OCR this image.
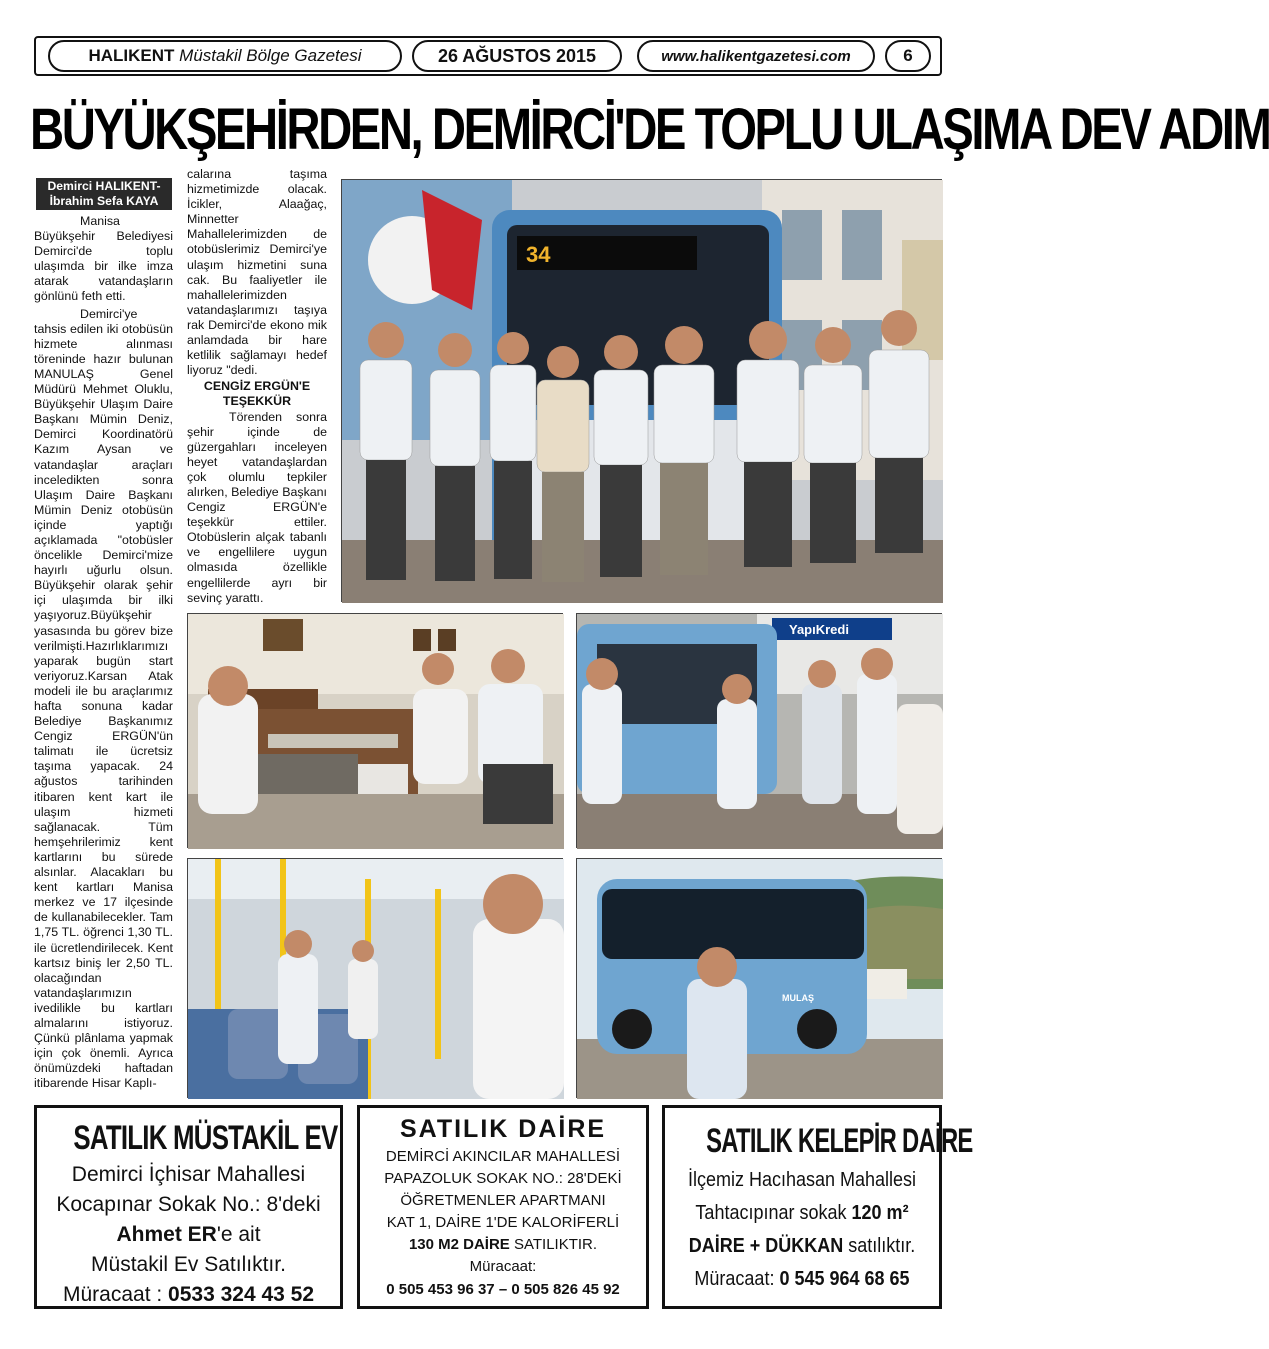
HALIKENT
Müstakil Bölge Gazetesi	26 AĞUSTOS 2015	www.halikentgazetesi.com	6
BÜYÜKŞEHİRDEN, DEMİRCİ'DE TOPLU ULAŞIMA DEV ADIM
Demirci HALIKENT-
İbrahim Sefa KAYA

Manisa Büyükşehir Belediyesi Demirci'de toplu ulaşımda bir ilke imza atarak vatandaşların gönlünü feth etti.

Demirci'ye tahsis edilen iki otobüsün hizmete alınması töreninde hazır bulunan MANULAŞ Genel Müdürü Mehmet Oluklu, Büyükşehir Ulaşım Daire Başkanı Mümin Deniz, Demirci Koordinatörü Kazım Aysan ve vatandaşlar araçları inceledikten sonra Ulaşım Daire Başkanı Mümin Deniz otobüsün içinde yaptığı açıklamada "otobüsler öncelikle Demirci'mize hayırlı uğurlu olsun. Büyükşehir olarak şehir içi ulaşımda bir ilki yaşıyoruz.Büyükşehir yasasında bu görev bize verilmişti.Hazırlıklarımızı yaparak bugün start veriyoruz.Karsan Atak modeli ile bu araçlarımız hafta sonuna kadar Belediye Başkanımız Cengiz ERGÜN'ün talimatı ile ücretsiz taşıma yapacak. 24 ağustos tarihinden itibaren kent kart ile ulaşım hizmeti sağlanacak. Tüm hemşehrilerimiz kent kartlarını bu sürede alsınlar. Alacakları bu kent kartları Manisa merkez ve 17 ilçesinde de kullanabilecekler. Tam 1,75 TL. öğrenci 1,30 TL. ile ücretlendirilecek. Kent kartsız biniş ler 2,50 TL. olacağından vatandaşlarımızın ivedilikle bu kartları almalarını istiyoruz. Çünkü plânlama yapmak için çok önemli. Ayrıca önümüzdeki haftadan itibarende Hisar Kaplı-

calarına taşıma hizmetimizde olacak. İcikler, Alaağaç, Minnetter Mahallelerimizden de otobüslerimiz Demirci'ye ulaşım hizmetini suna cak. Bu faaliyetler ile mahallelerimizden vatandaşlarımızı taşıya rak Demirci'de ekono mik anlamdada bir hare ketlilik sağlamayı hedef liyoruz "dedi.

CENGİZ ERGÜN'E
TEŞEKKÜR

Törenden sonra şehir içinde de güzergahları inceleyen heyet vatandaşlardan çok olumlu tepkiler alırken, Belediye Başkanı Cengiz ERGÜN'e teşekkür ettiler. Otobüslerin alçak tabanlı ve engellilere uygun olmasıda özellikle engellilerde ayrı bir sevinç yarattı.

34
YapıKredi
MULAŞ
SATILIK MÜSTAKİL EV
Demirci İçhisar Mahallesi
Kocapınar Sokak No.: 8'deki
Ahmet ER'e ait
Müstakil Ev Satılıktır.
Müracaat : 0533 324 43 52
SATILIK DAİRE
DEMİRCİ AKINCILAR MAHALLESİ
PAPAZOLUK SOKAK NO.: 28'DEKİ
ÖĞRETMENLER APARTMANI
KAT 1, DAİRE 1'DE KALORİFERLİ
130 M2 DAİRE SATILIKTIR.
Müracaat:
0 505 453 96 37 – 0 505 826 45 92
SATILIK KELEPİR DAİRE
İlçemiz Hacıhasan Mahallesi
Tahtacıpınar sokak 120 m²
DAİRE + DÜKKAN satılıktır.
Müracaat: 0 545 964 68 65
